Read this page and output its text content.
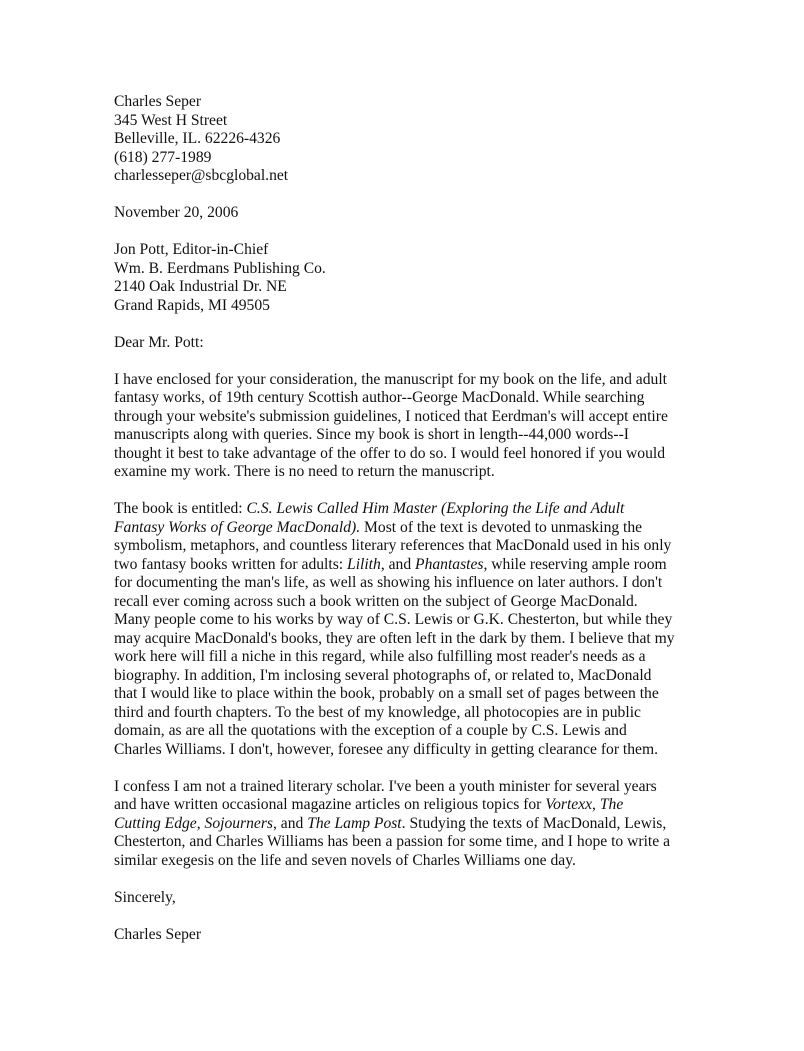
Charles Seper
345 West H Street
Belleville, IL. 62226-4326
(618) 277-1989
charlesseper@sbcglobal.net
November 20, 2006
Jon Pott, Editor-in-Chief
Wm. B. Eerdmans Publishing Co.
2140 Oak Industrial Dr. NE
Grand Rapids, MI 49505
Dear Mr. Pott:
I have enclosed for your consideration, the manuscript for my book on the life, and adult
fantasy works, of 19th century Scottish author--George MacDonald. While searching
through your website's submission guidelines, I noticed that Eerdman's will accept entire
manuscripts along with queries. Since my book is short in length--44,000 words--I
thought it best to take advantage of the offer to do so. I would feel honored if you would
examine my work. There is no need to return the manuscript.
The book is entitled: C.S. Lewis Called Him Master (Exploring the Life and Adult
Fantasy Works of George MacDonald). Most of the text is devoted to unmasking the
symbolism, metaphors, and countless literary references that MacDonald used in his only
two fantasy books written for adults: Lilith, and Phantastes, while reserving ample room
for documenting the man's life, as well as showing his influence on later authors. I don't
recall ever coming across such a book written on the subject of George MacDonald.
Many people come to his works by way of C.S. Lewis or G.K. Chesterton, but while they
may acquire MacDonald's books, they are often left in the dark by them. I believe that my
work here will fill a niche in this regard, while also fulfilling most reader's needs as a
biography. In addition, I'm inclosing several photographs of, or related to, MacDonald
that I would like to place within the book, probably on a small set of pages between the
third and fourth chapters. To the best of my knowledge, all photocopies are in public
domain, as are all the quotations with the exception of a couple by C.S. Lewis and
Charles Williams. I don't, however, foresee any difficulty in getting clearance for them.
I confess I am not a trained literary scholar. I've been a youth minister for several years
and have written occasional magazine articles on religious topics for Vortexx, The
Cutting Edge, Sojourners, and The Lamp Post. Studying the texts of MacDonald, Lewis,
Chesterton, and Charles Williams has been a passion for some time, and I hope to write a
similar exegesis on the life and seven novels of Charles Williams one day.
Sincerely,
Charles Seper
